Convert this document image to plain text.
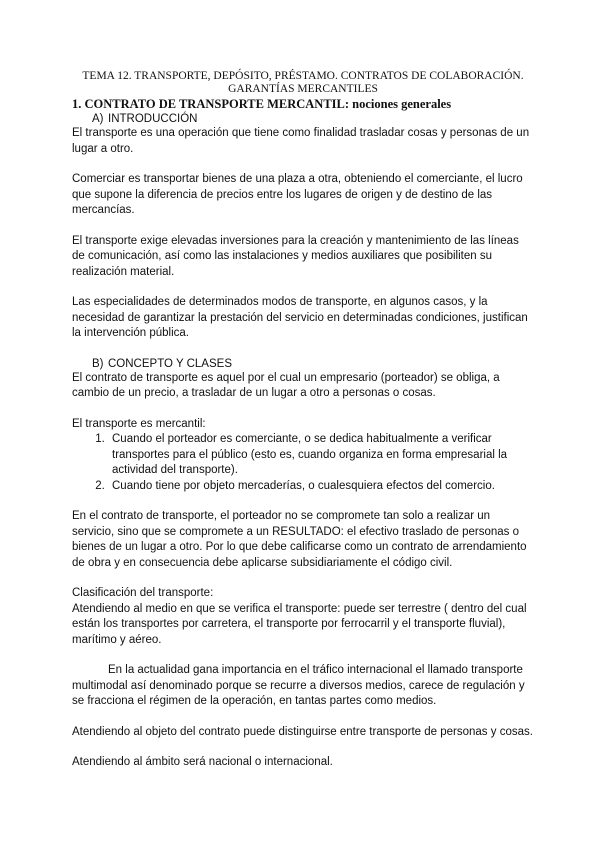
TEMA 12. TRANSPORTE, DEPÓSITO, PRÉSTAMO. CONTRATOS DE COLABORACIÓN.
GARANTÍAS MERCANTILES
1. CONTRATO DE TRANSPORTE MERCANTIL: nociones generales
A) INTRODUCCIÓN

El transporte es una operación que tiene como finalidad trasladar cosas y personas de un lugar a otro.

Comerciar es transportar bienes de una plaza a otra, obteniendo el comerciante, el lucro que supone la diferencia de precios entre los lugares de origen y de destino de las mercancías.

El transporte exige elevadas inversiones para la creación y mantenimiento de las líneas de comunicación, así como las instalaciones y medios auxiliares que posibiliten su realización material.

Las especialidades de determinados modos de transporte, en algunos casos, y la necesidad de garantizar la prestación del servicio en determinadas condiciones, justifican la intervención pública.

B) CONCEPTO Y CLASES

El contrato de transporte es aquel por el cual un empresario (porteador) se obliga, a cambio de un precio, a trasladar de un lugar a otro a personas o cosas.

El transporte es mercantil:

1. Cuando el porteador es comerciante, o se dedica habitualmente a verificar transportes para el público (esto es, cuando organiza en forma empresarial la actividad del transporte).
2. Cuando tiene por objeto mercaderías, o cualesquiera efectos del comercio.

En el contrato de transporte, el porteador no se compromete tan solo a realizar un servicio, sino que se compromete a un RESULTADO: el efectivo traslado de personas o bienes de un lugar a otro. Por lo que debe calificarse como un contrato de arrendamiento de obra y en consecuencia debe aplicarse subsidiariamente el código civil.

Clasificación del transporte:

Atendiendo al medio en que se verifica el transporte: puede ser terrestre ( dentro del cual están los transportes por carretera, el transporte por ferrocarril y el transporte fluvial), marítimo y aéreo.

En la actualidad gana importancia en el tráfico internacional el llamado transporte multimodal así denominado porque se recurre a diversos medios, carece de regulación y se fracciona el régimen de la operación, en tantas partes como medios.

Atendiendo al objeto del contrato puede distinguirse entre transporte de personas y cosas.

Atendiendo al ámbito será nacional o internacional.
